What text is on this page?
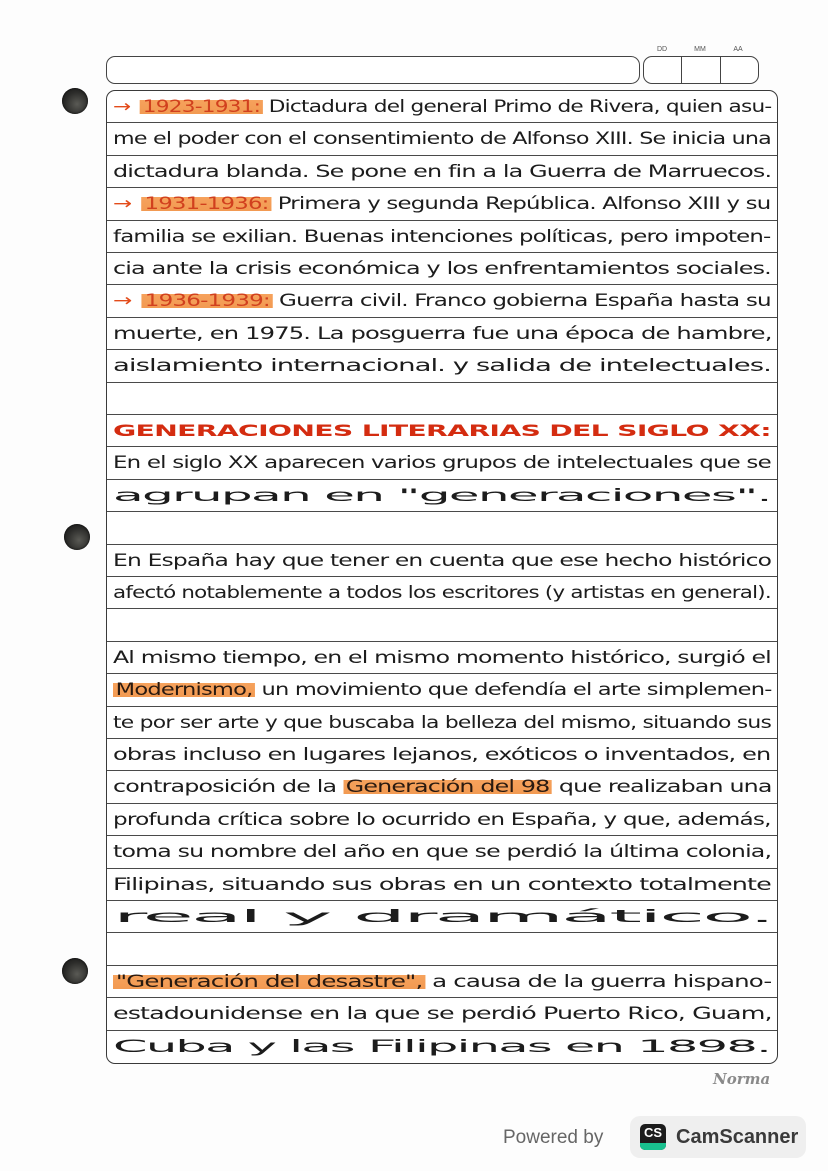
DD	MM	AA
→ 1923-1931: Dictadura del general Primo de Rivera, quien asu-
me el poder con el consentimiento de Alfonso XIII. Se inicia una
dictadura blanda. Se pone en fin a la Guerra de Marruecos.
→ 1931-1936: Primera y segunda República. Alfonso XIII y su
familia se exilian. Buenas intenciones políticas, pero impoten-
cia ante la crisis económica y los enfrentamientos sociales.
→ 1936-1939: Guerra civil. Franco gobierna España hasta su
muerte, en 1975. La posguerra fue una época de hambre,
aislamiento internacional. y salida de intelectuales.
GENERACIONES LITERARIAS DEL SIGLO XX:
En el siglo XX aparecen varios grupos de intelectuales que se
agrupan en "generaciones".
En España hay que tener en cuenta que ese hecho histórico
afectó notablemente a todos los escritores (y artistas en general).
Al mismo tiempo, en el mismo momento histórico, surgió el
Modernismo, un movimiento que defendía el arte simplemen-
te por ser arte y que buscaba la belleza del mismo, situando sus
obras incluso en lugares lejanos, exóticos o inventados, en
contraposición de la Generación del 98 que realizaban una
profunda crítica sobre lo ocurrido en España, y que, además,
toma su nombre del año en que se perdió la última colonia,
Filipinas, situando sus obras en un contexto totalmente
real y dramático.
"Generación del desastre", a causa de la guerra hispano-
estadounidense en la que se perdió Puerto Rico, Guam,
Cuba y las Filipinas en 1898.
Norma
Powered by	CS CamScanner
